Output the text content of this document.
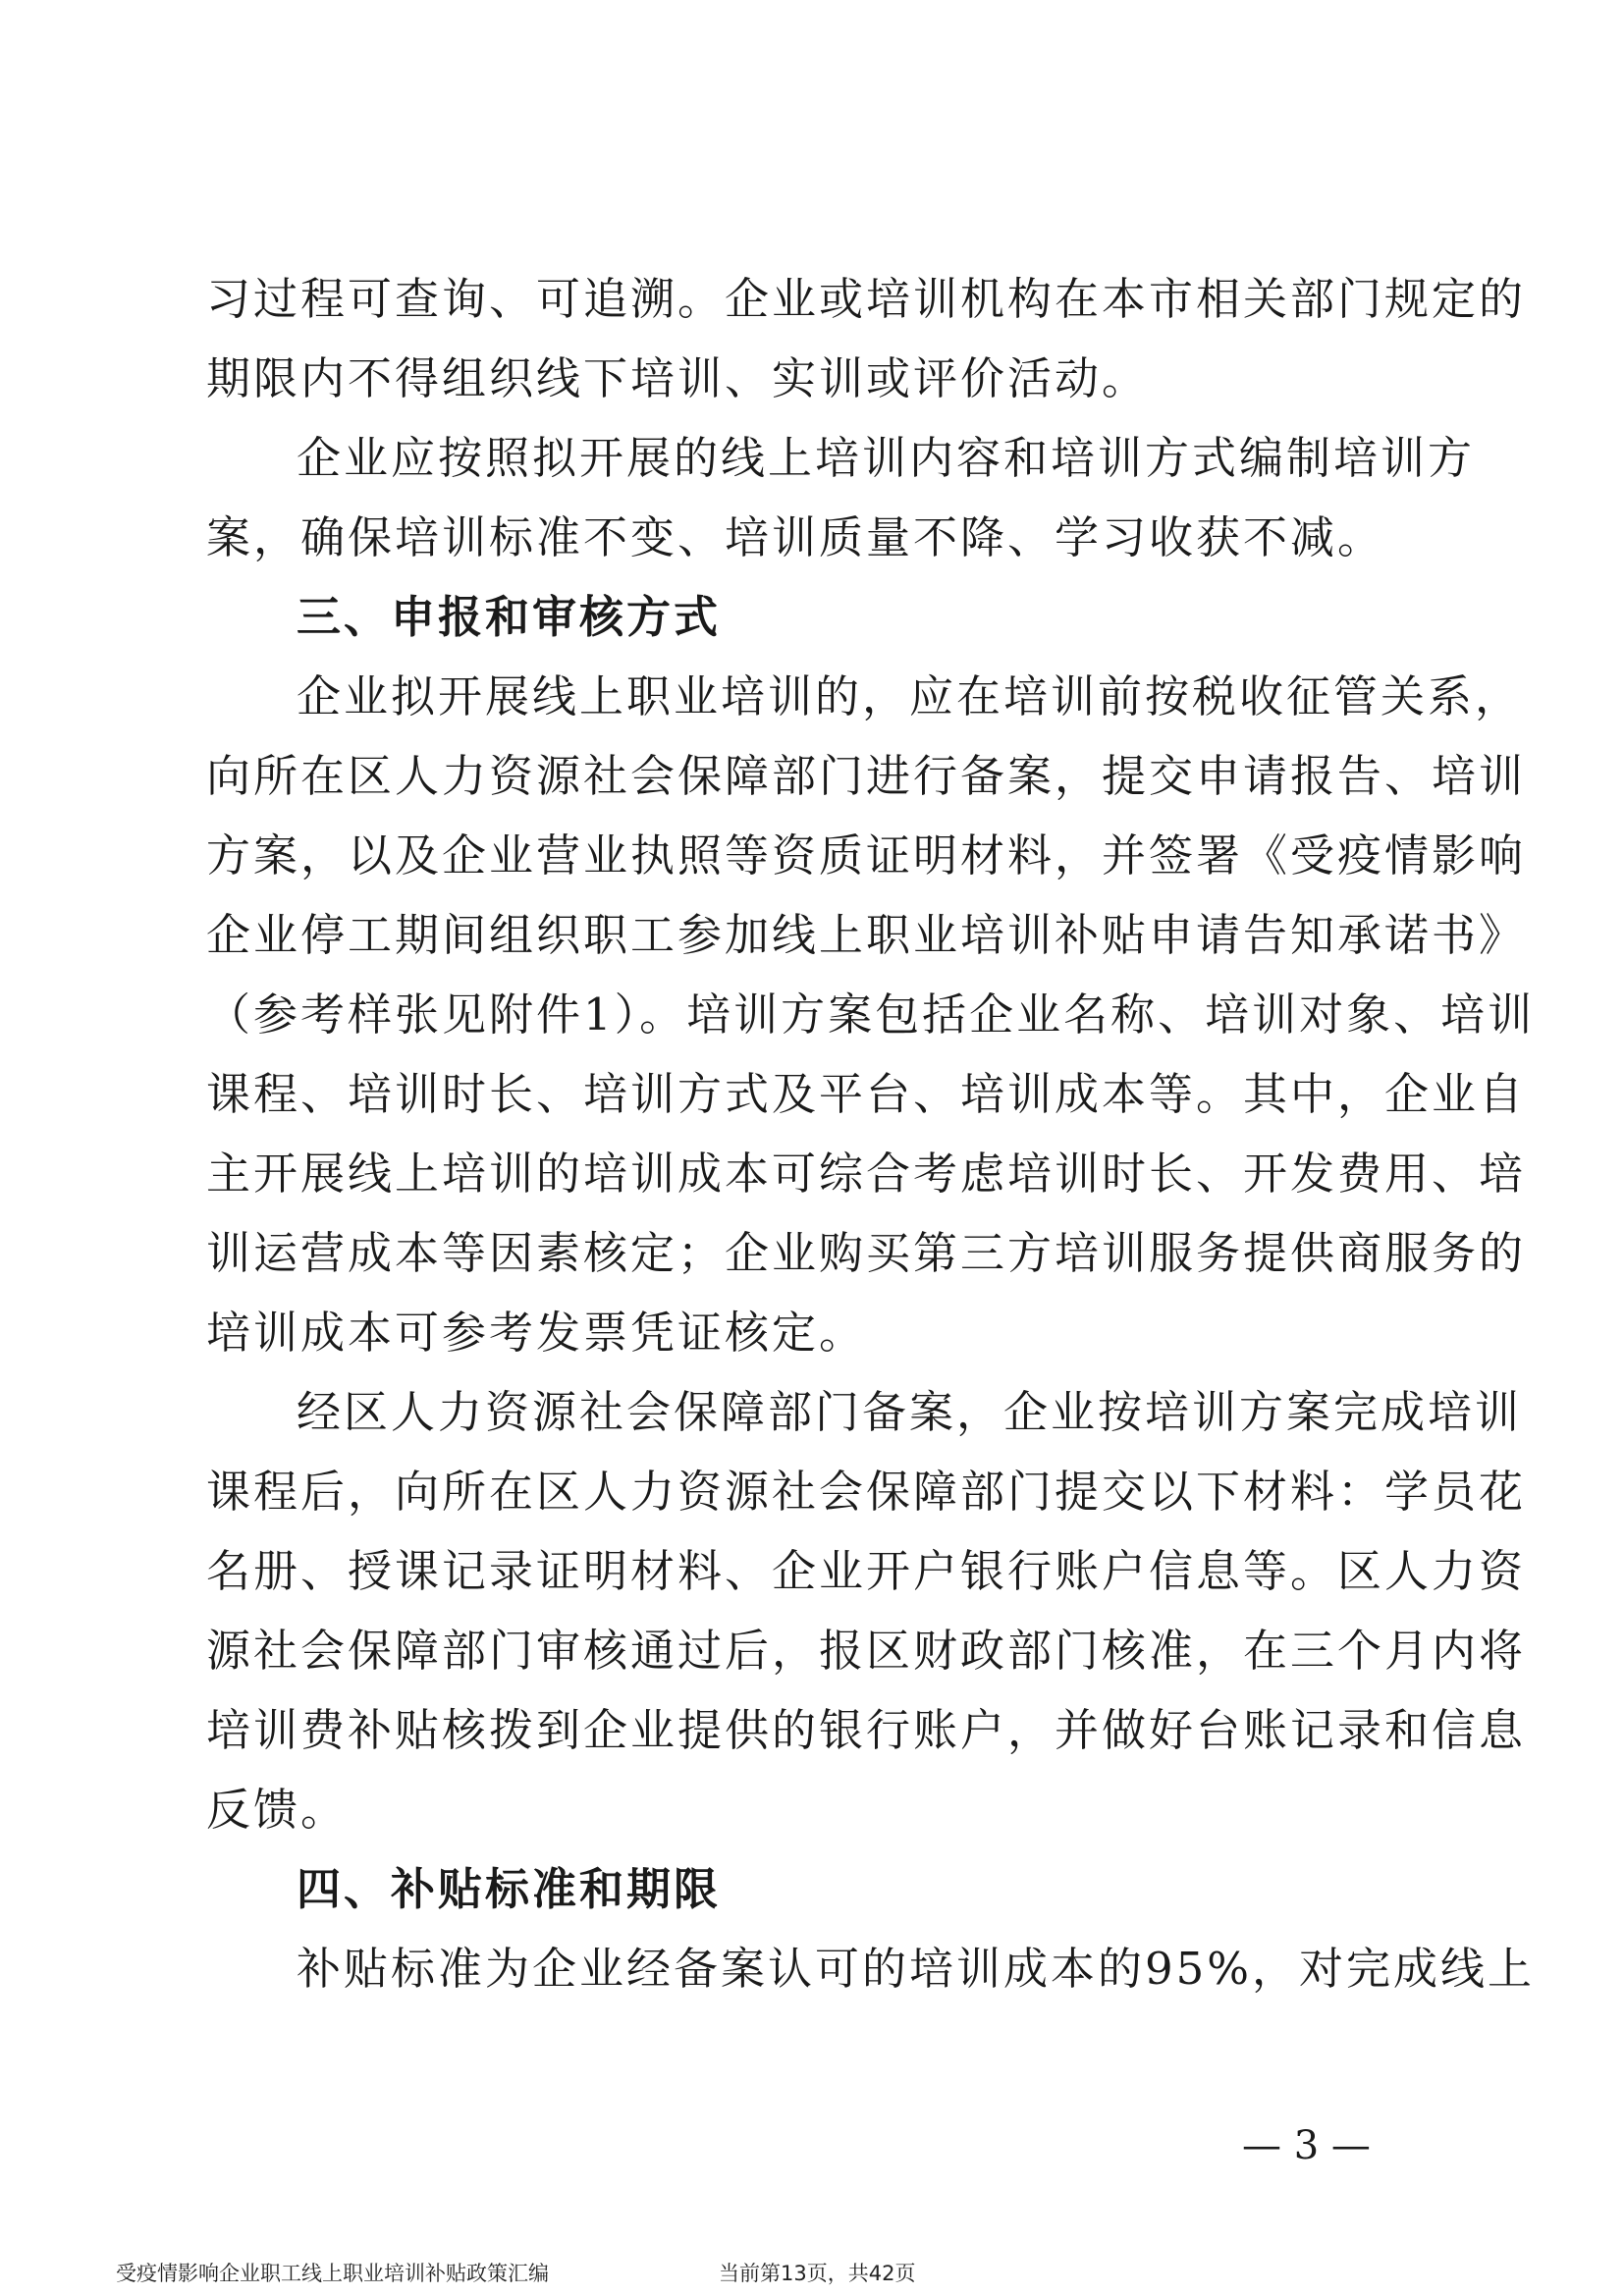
习过程可查询、可追溯。企业或培训机构在本市相关部门规定的
期限内不得组织线下培训、实训或评价活动。
企业应按照拟开展的线上培训内容和培训方式编制培训方
案，确保培训标准不变、培训质量不降、学习收获不减。
三、申报和审核方式
企业拟开展线上职业培训的，应在培训前按税收征管关系，
向所在区人力资源社会保障部门进行备案，提交申请报告、培训
方案，以及企业营业执照等资质证明材料，并签署《受疫情影响
企业停工期间组织职工参加线上职业培训补贴申请告知承诺书》
（参考样张见附件1）。培训方案包括企业名称、培训对象、培训
课程、培训时长、培训方式及平台、培训成本等。其中，企业自
主开展线上培训的培训成本可综合考虑培训时长、开发费用、培
训运营成本等因素核定；企业购买第三方培训服务提供商服务的
培训成本可参考发票凭证核定。
经区人力资源社会保障部门备案，企业按培训方案完成培训
课程后，向所在区人力资源社会保障部门提交以下材料：学员花
名册、授课记录证明材料、企业开户银行账户信息等。区人力资
源社会保障部门审核通过后，报区财政部门核准，在三个月内将
培训费补贴核拨到企业提供的银行账户，并做好台账记录和信息
反馈。
四、补贴标准和期限
补贴标准为企业经备案认可的培训成本的95%，对完成线上
— 3 —
受疫情影响企业职工线上职业培训补贴政策汇编	当前第13页，共42页
